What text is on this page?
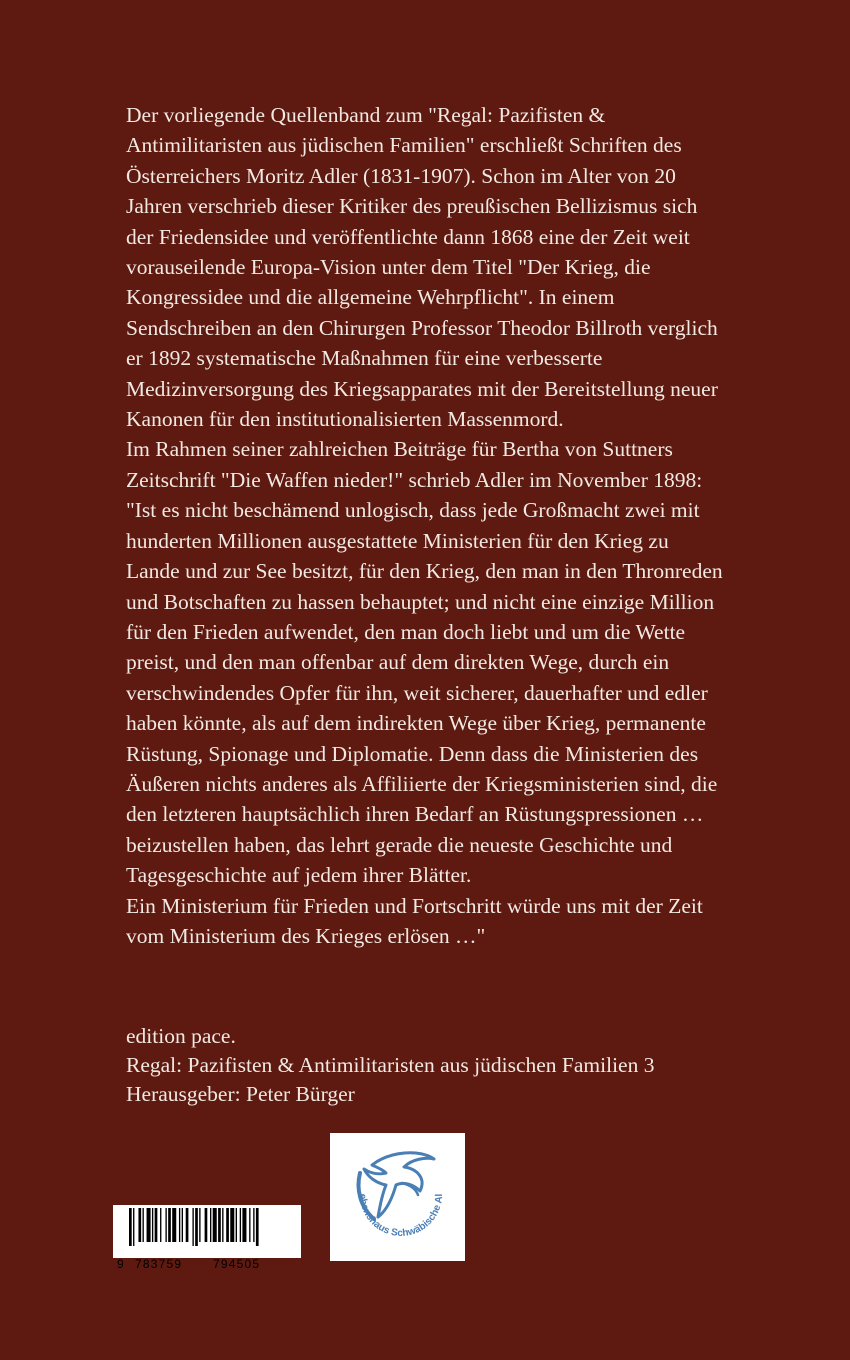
Der vorliegende Quellenband zum "Regal: Pazifisten & Antimilitaristen aus jüdischen Familien" erschließt Schriften des Österreichers Moritz Adler (1831-1907). Schon im Alter von 20 Jahren verschrieb dieser Kritiker des preußischen Bellizismus sich der Friedensidee und veröffentlichte dann 1868 eine der Zeit weit vorauseilende Europa-Vision unter dem Titel "Der Krieg, die Kongressidee und die allgemeine Wehrpflicht". In einem Sendschreiben an den Chirurgen Professor Theodor Billroth verglich er 1892 systematische Maßnahmen für eine verbesserte Medizinversorgung des Kriegsapparates mit der Bereitstellung neuer Kanonen für den institutionalisierten Massenmord.

Im Rahmen seiner zahlreichen Beiträge für Bertha von Suttners Zeitschrift "Die Waffen nieder!" schrieb Adler im November 1898: "Ist es nicht beschämend unlogisch, dass jede Großmacht zwei mit hunderten Millionen ausgestattete Ministerien für den Krieg zu Lande und zur See besitzt, für den Krieg, den man in den Thronreden und Botschaften zu hassen behauptet; und nicht eine einzige Million für den Frieden aufwendet, den man doch liebt und um die Wette preist, und den man offenbar auf dem direkten Wege, durch ein verschwindendes Opfer für ihn, weit sicherer, dauerhafter und edler haben könnte, als auf dem indirekten Wege über Krieg, permanente Rüstung, Spionage und Diplomatie. Denn dass die Ministerien des Äußeren nichts anderes als Affiliierte der Kriegsministerien sind, die den letzteren hauptsächlich ihren Bedarf an Rüstungspressionen … beizustellen haben, das lehrt gerade die neueste Geschichte und Tagesgeschichte auf jedem ihrer Blätter.

Ein Ministerium für Frieden und Fortschritt würde uns mit der Zeit vom Ministerium des Krieges erlösen …"

edition pace.
Regal: Pazifisten & Antimilitaristen aus jüdischen Familien 3
Herausgeber: Peter Bürger
9 783759	794505
ebenshaus Schwäbische Al
